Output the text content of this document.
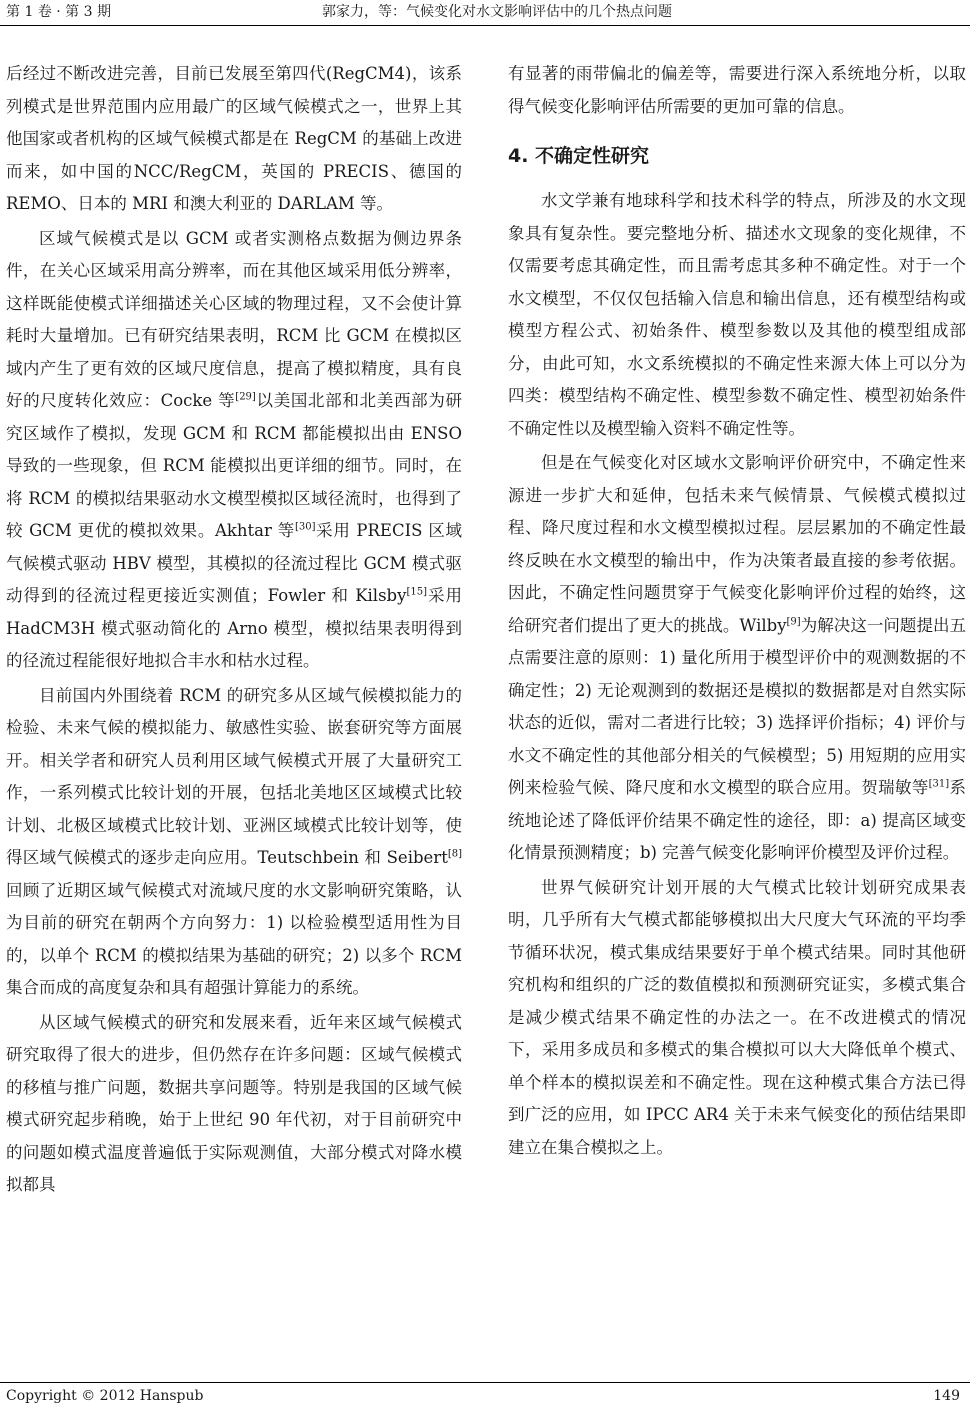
第 1 卷 · 第 3 期	郭家力，等：气候变化对水文影响评估中的几个热点问题

后经过不断改进完善，目前已发展至第四代(RegCM4)，该系列模式是世界范围内应用最广的区域气候模式之一，世界上其他国家或者机构的区域气候模式都是在 RegCM 的基础上改进而来，如中国的NCC/RegCM，英国的 PRECIS、德国的 REMO、日本的 MRI 和澳大利亚的 DARLAM 等。

区域气候模式是以 GCM 或者实测格点数据为侧边界条件，在关心区域采用高分辨率，而在其他区域采用低分辨率，这样既能使模式详细描述关心区域的物理过程，又不会使计算耗时大量增加。已有研究结果表明，RCM 比 GCM 在模拟区域内产生了更有效的区域尺度信息，提高了模拟精度，具有良好的尺度转化效应：Cocke 等[29]以美国北部和北美西部为研究区域作了模拟，发现 GCM 和 RCM 都能模拟出由 ENSO 导致的一些现象，但 RCM 能模拟出更详细的细节。同时，在将 RCM 的模拟结果驱动水文模型模拟区域径流时，也得到了较 GCM 更优的模拟效果。Akhtar 等[30]采用 PRECIS 区域气候模式驱动 HBV 模型，其模拟的径流过程比 GCM 模式驱动得到的径流过程更接近实测值；Fowler 和 Kilsby[15]采用 HadCM3H 模式驱动简化的 Arno 模型，模拟结果表明得到的径流过程能很好地拟合丰水和枯水过程。

目前国内外围绕着 RCM 的研究多从区域气候模拟能力的检验、未来气候的模拟能力、敏感性实验、嵌套研究等方面展开。相关学者和研究人员利用区域气候模式开展了大量研究工作，一系列模式比较计划的开展，包括北美地区区域模式比较计划、北极区域模式比较计划、亚洲区域模式比较计划等，使得区域气候模式的逐步走向应用。Teutschbein 和 Seibert[8]回顾了近期区域气候模式对流域尺度的水文影响研究策略，认为目前的研究在朝两个方向努力：1) 以检验模型适用性为目的，以单个 RCM 的模拟结果为基础的研究；2) 以多个 RCM 集合而成的高度复杂和具有超强计算能力的系统。

从区域气候模式的研究和发展来看，近年来区域气候模式研究取得了很大的进步，但仍然存在许多问题：区域气候模式的移植与推广问题，数据共享问题等。特别是我国的区域气候模式研究起步稍晚，始于上世纪 90 年代初，对于目前研究中的问题如模式温度普遍低于实际观测值，大部分模式对降水模拟都具

有显著的雨带偏北的偏差等，需要进行深入系统地分析，以取得气候变化影响评估所需要的更加可靠的信息。

4. 不确定性研究

水文学兼有地球科学和技术科学的特点，所涉及的水文现象具有复杂性。要完整地分析、描述水文现象的变化规律，不仅需要考虑其确定性，而且需考虑其多种不确定性。对于一个水文模型，不仅仅包括输入信息和输出信息，还有模型结构或模型方程公式、初始条件、模型参数以及其他的模型组成部分，由此可知，水文系统模拟的不确定性来源大体上可以分为四类：模型结构不确定性、模型参数不确定性、模型初始条件不确定性以及模型输入资料不确定性等。

但是在气候变化对区域水文影响评价研究中，不确定性来源进一步扩大和延伸，包括未来气候情景、气候模式模拟过程、降尺度过程和水文模型模拟过程。层层累加的不确定性最终反映在水文模型的输出中，作为决策者最直接的参考依据。因此，不确定性问题贯穿于气候变化影响评价过程的始终，这给研究者们提出了更大的挑战。Wilby[9]为解决这一问题提出五点需要注意的原则：1) 量化所用于模型评价中的观测数据的不确定性；2) 无论观测到的数据还是模拟的数据都是对自然实际状态的近似，需对二者进行比较；3) 选择评价指标；4) 评价与水文不确定性的其他部分相关的气候模型；5) 用短期的应用实例来检验气候、降尺度和水文模型的联合应用。贺瑞敏等[31]系统地论述了降低评价结果不确定性的途径，即：a) 提高区域变化情景预测精度；b) 完善气候变化影响评价模型及评价过程。

世界气候研究计划开展的大气模式比较计划研究成果表明，几乎所有大气模式都能够模拟出大尺度大气环流的平均季节循环状况，模式集成结果要好于单个模式结果。同时其他研究机构和组织的广泛的数值模拟和预测研究证实，多模式集合是减少模式结果不确定性的办法之一。在不改进模式的情况下，采用多成员和多模式的集合模拟可以大大降低单个模式、单个样本的模拟误差和不确定性。现在这种模式集合方法已得到广泛的应用，如 IPCC AR4 关于未来气候变化的预估结果即建立在集合模拟之上。

Copyright © 2012 Hanspub	149
